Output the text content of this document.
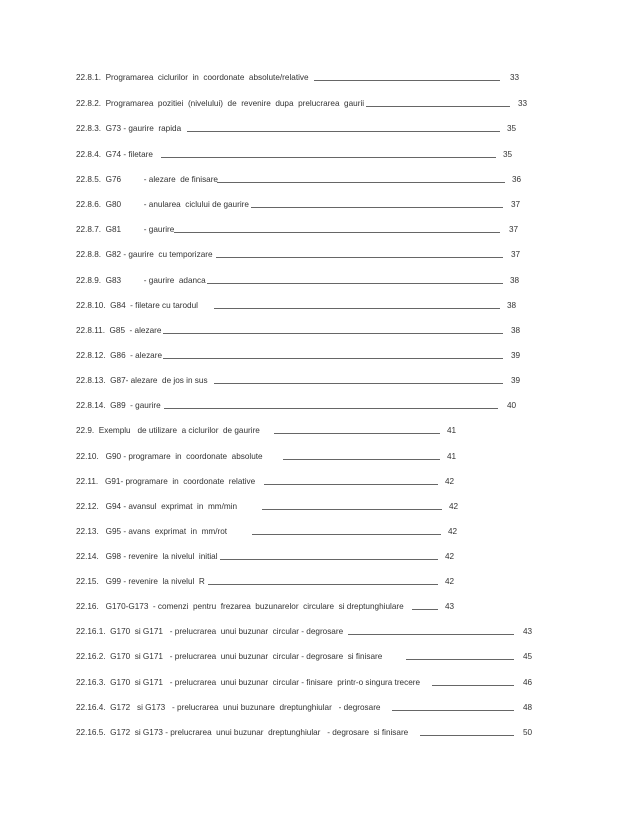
22.8.1.  Programarea  ciclurilor  in  coordonate  absolute/relative	33
22.8.2.  Programarea  pozitiei  (nivelului)  de  revenire  dupa  prelucrarea  gaurii	33
22.8.3.  G73 - gaurire  rapida	35
22.8.4.  G74 - filetare	35
22.8.5.  G76          - alezare  de finisare	36
22.8.6.  G80          - anularea  ciclului de gaurire	37
22.8.7.  G81          - gaurire	37
22.8.8.  G82 - gaurire  cu temporizare	37
22.8.9.  G83          - gaurire  adanca	38
22.8.10.  G84  - filetare cu tarodul	38
22.8.11.  G85  - alezare	38
22.8.12.  G86  - alezare	39
22.8.13.  G87- alezare  de jos in sus	39
22.8.14.  G89  - gaurire	40
22.9.  Exemplu   de utilizare  a ciclurilor  de gaurire	41
22.10.   G90 - programare  in  coordonate  absolute	41
22.11.   G91- programare  in  coordonate  relative	42
22.12.   G94 - avansul  exprimat  in  mm/min	42
22.13.   G95 - avans  exprimat  in  mm/rot	42
22.14.   G98 - revenire  la nivelul  initial	42
22.15.   G99 - revenire  la nivelul  R	42
22.16.   G170-G173  - comenzi  pentru  frezarea  buzunarelor  circulare  si dreptunghiulare	43
22.16.1.  G170  si G171   - prelucrarea  unui buzunar  circular - degrosare	43
22.16.2.  G170  si G171   - prelucrarea  unui buzunar  circular - degrosare  si finisare	45
22.16.3.  G170  si G171   - prelucrarea  unui buzunar  circular - finisare  printr-o singura trecere	46
22.16.4.  G172   si G173   - prelucrarea  unui buzunare  dreptunghiular   - degrosare	48
22.16.5.  G172  si G173 - prelucrarea  unui buzunar  dreptunghiular   - degrosare  si finisare	50
